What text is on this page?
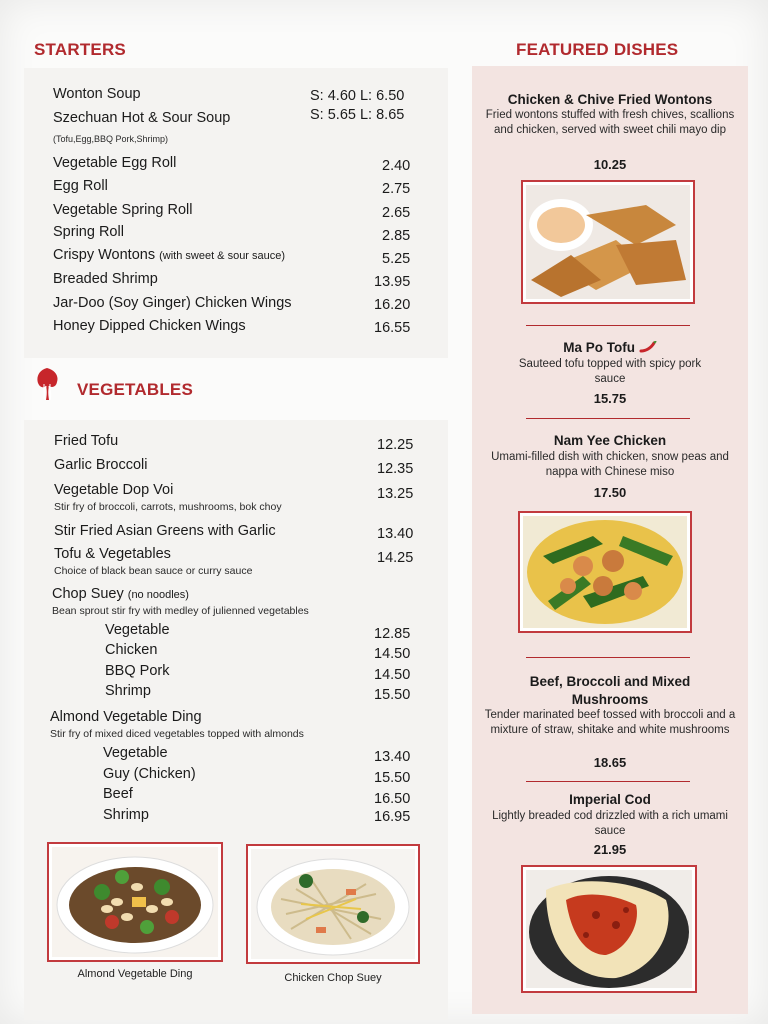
STARTERS
Wonton Soup	S: 4.60 L: 6.50
Szechuan Hot & Sour Soup	S: 5.65 L: 8.65
(Tofu,Egg,BBQ Pork,Shrimp)
Vegetable Egg Roll	2.40
Egg Roll	2.75
Vegetable Spring Roll	2.65
Spring Roll	2.85
Crispy Wontons (with sweet & sour sauce)	5.25
Breaded Shrimp	13.95
Jar-Doo (Soy Ginger) Chicken Wings	16.20
Honey Dipped Chicken Wings	16.55
VEGETABLES
Fried Tofu	12.25
Garlic Broccoli	12.35
Vegetable Dop Voi	13.25
Stir fry of broccoli, carrots, mushrooms, bok choy
Stir Fried Asian Greens with Garlic	13.40
Tofu & Vegetables	14.25
Choice of black bean sauce or curry sauce
Chop Suey (no noodles)
Bean sprout stir fry with medley of julienned vegetables
Vegetable	12.85
Chicken	14.50
BBQ Pork	14.50
Shrimp	15.50
Almond Vegetable Ding
Stir fry of mixed diced vegetables topped with almonds
Vegetable	13.40
Guy (Chicken)	15.50
Beef	16.50
Shrimp	16.95
Almond Vegetable Ding	Chicken Chop Suey
FEATURED DISHES
Chicken & Chive Fried Wontons
Fried wontons stuffed with fresh chives, scallions and chicken, served with sweet chili mayo dip
10.25
Ma Po Tofu
Sauteed tofu topped with spicy pork sauce
15.75
Nam Yee Chicken
Umami-filled dish with chicken, snow peas and nappa with Chinese miso
17.50
Beef, Broccoli and Mixed Mushrooms
Tender marinated beef tossed with broccoli and a mixture of straw, shitake and white mushrooms
18.65
Imperial Cod
Lightly breaded cod drizzled with a rich umami sauce
21.95
